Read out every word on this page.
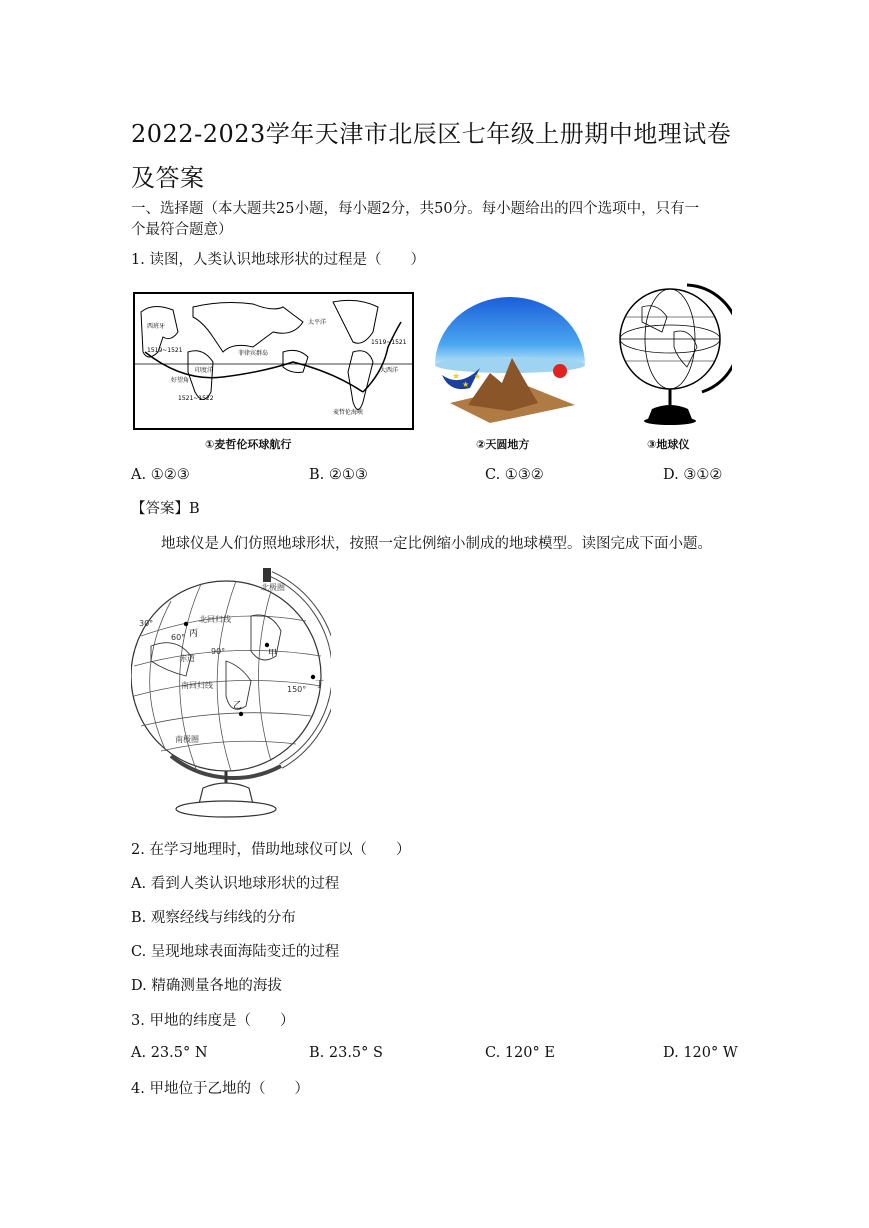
2022-2023学年天津市北辰区七年级上册期中地理试卷及答案
一、选择题（本大题共25小题，每小题2分，共50分。每小题给出的四个选项中，只有一
个最符合题意）
1. 读图，人类认识地球形状的过程是（　　）
西班牙
太平洋
菲律宾群岛
印度洋
好望角
大西洋
麦哲伦海峡
1519~1521
1521~1522
1519~1521
①麦哲伦环球航行
★
★
★
②天圆地方	③地球仪
A. ①②③	B. ②①③	C. ①③②	D. ③①②
【答案】B
地球仪是人们仿照地球形状，按照一定比例缩小制成的地球模型。读图完成下面小题。
北极圈
北回归线
赤道
南回归线
南极圈
30°
60°
90°
150°
甲
乙
丙
丁
2. 在学习地理时，借助地球仪可以（　　）
A. 看到人类认识地球形状的过程
B. 观察经线与纬线的分布
C. 呈现地球表面海陆变迁的过程
D. 精确测量各地的海拔
3. 甲地的纬度是（　　）
A. 23.5° N	B. 23.5° S	C. 120° E	D. 120° W
4. 甲地位于乙地的（　　）
